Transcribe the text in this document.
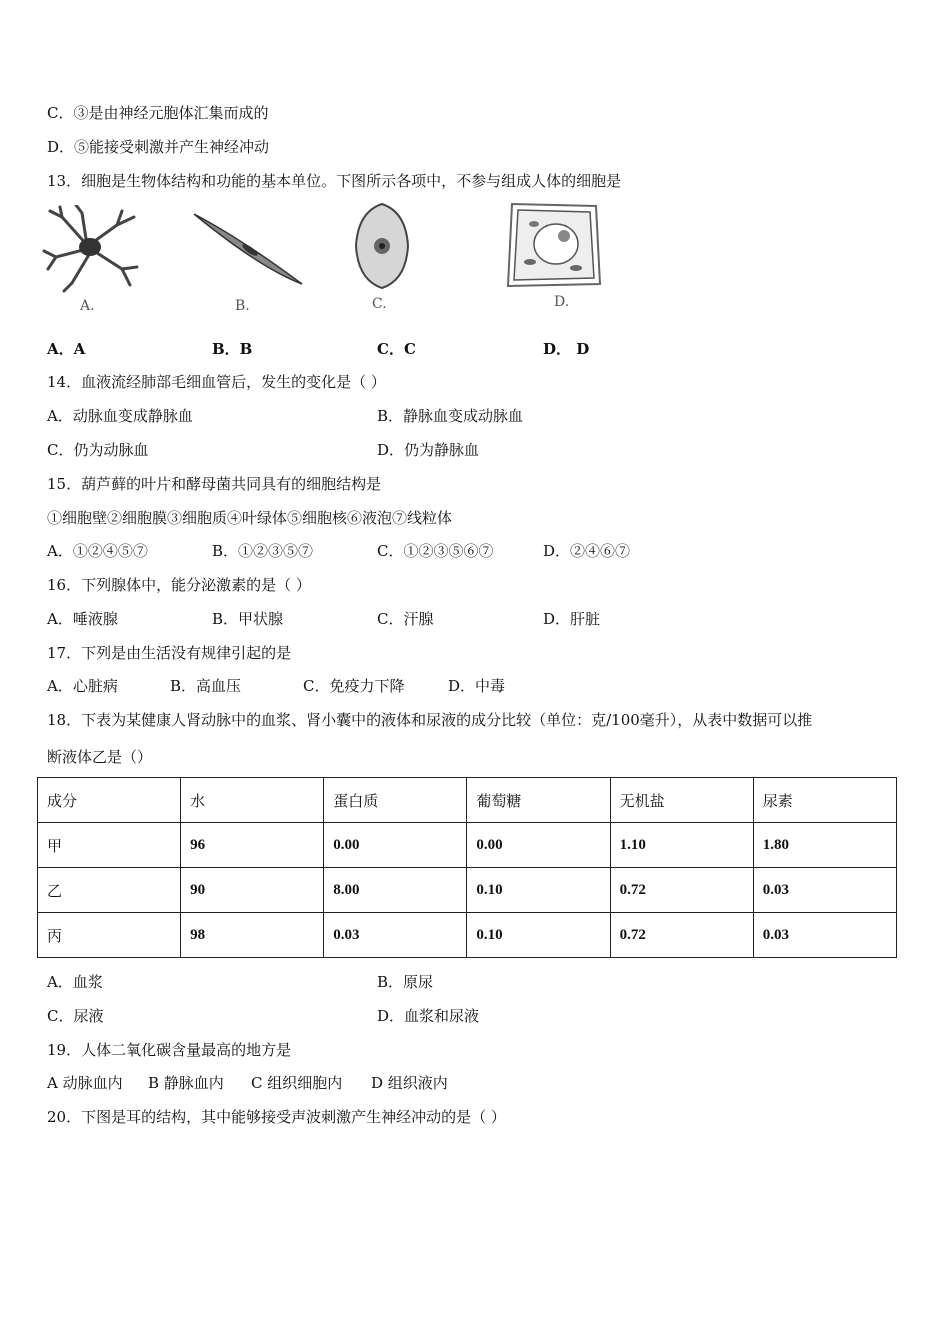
C．③是由神经元胞体汇集而成的
D．⑤能接受刺激并产生神经冲动
13．细胞是生物体结构和功能的基本单位。下图所示各项中，不参与组成人体的细胞是
A.	B.	C.	D.
A．A	B．B	C．C	D． D
14．血液流经肺部毛细血管后，发生的变化是（ ）
A．动脉血变成静脉血	B．静脉血变成动脉血
C．仍为动脉血	D．仍为静脉血
15．葫芦藓的叶片和酵母菌共同具有的细胞结构是
①细胞壁②细胞膜③细胞质④叶绿体⑤细胞核⑥液泡⑦线粒体
A．①②④⑤⑦	B．①②③⑤⑦	C．①②③⑤⑥⑦	D．②④⑥⑦
16．下列腺体中，能分泌激素的是（ ）
A．唾液腺	B．甲状腺	C．汗腺	D．肝脏
17．下列是由生活没有规律引起的是
A．心脏病	B．高血压	C．免疫力下降	D．中毒
18．下表为某健康人肾动脉中的血浆、肾小囊中的液体和尿液的成分比较（单位：克/100毫升），从表中数据可以推
断液体乙是（）
成分	水	蛋白质	葡萄糖	无机盐	尿素
甲	96	0.00	0.00	1.10	1.80
乙	90	8.00	0.10	0.72	0.03
丙	98	0.03	0.10	0.72	0.03
A．血浆	B．原尿
C．尿液	D．血浆和尿液
19．人体二氧化碳含量最高的地方是
A 动脉血内 B 静脉血内 C 组织细胞内 D 组织液内
20．下图是耳的结构，其中能够接受声波刺激产生神经冲动的是（ ）
